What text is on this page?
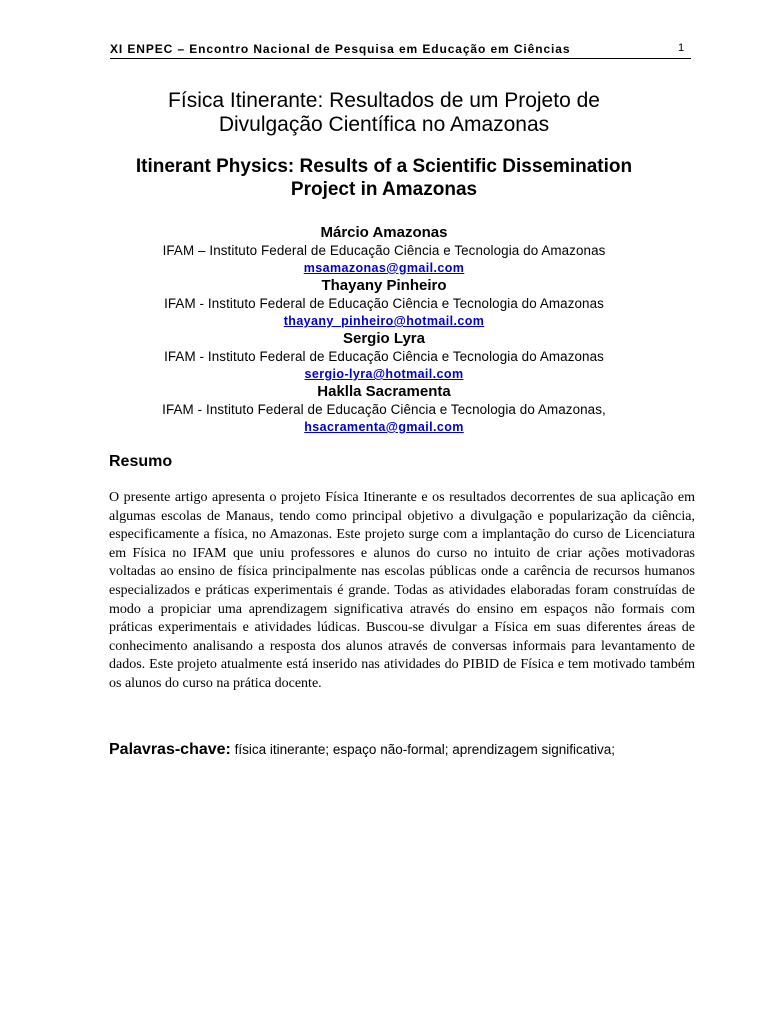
XI ENPEC – Encontro Nacional de Pesquisa em Educação em Ciências	1
Física Itinerante: Resultados de um Projeto de
Divulgação Científica no Amazonas
Itinerant Physics: Results of a Scientific Dissemination
Project in Amazonas
Márcio Amazonas
IFAM – Instituto Federal de Educação Ciência e Tecnologia do Amazonas
msamazonas@gmail.com
Thayany Pinheiro
IFAM - Instituto Federal de Educação Ciência e Tecnologia do Amazonas
thayany_pinheiro@hotmail.com
Sergio Lyra
IFAM - Instituto Federal de Educação Ciência e Tecnologia do Amazonas
sergio-lyra@hotmail.com
Haklla Sacramenta
IFAM - Instituto Federal de Educação Ciência e Tecnologia do Amazonas,
hsacramenta@gmail.com
Resumo

O presente artigo apresenta o projeto Física Itinerante e os resultados decorrentes de sua aplicação em algumas escolas de Manaus, tendo como principal objetivo a divulgação e popularização da ciência, especificamente a física, no Amazonas. Este projeto surge com a implantação do curso de Licenciatura em Física no IFAM que uniu professores e alunos do curso no intuito de criar ações motivadoras voltadas ao ensino de física principalmente nas escolas públicas onde a carência de recursos humanos especializados e práticas experimentais é grande. Todas as atividades elaboradas foram construídas de modo a propiciar uma aprendizagem significativa através do ensino em espaços não formais com práticas experimentais e atividades lúdicas. Buscou-se divulgar a Física em suas diferentes áreas de conhecimento analisando a resposta dos alunos através de conversas informais para levantamento de dados. Este projeto atualmente está inserido nas atividades do PIBID de Física e tem motivado também os alunos do curso na prática docente.

Palavras-chave: física itinerante; espaço não-formal; aprendizagem significativa;
